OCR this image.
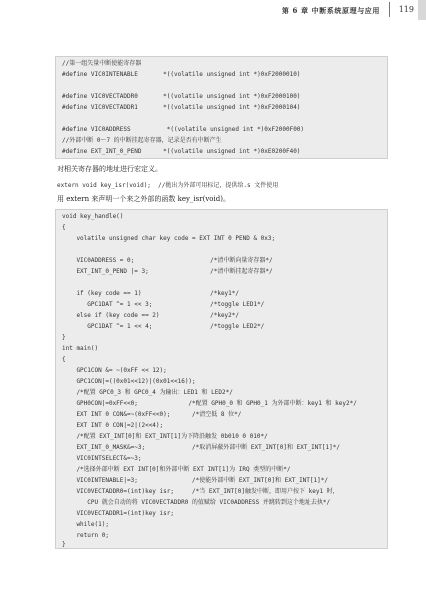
第 6 章 中断系统原理与应用 119
//第一组矢量中断使能寄存器
#define VIC0INTENABLE       *((volatile unsigned int *)0xF2000010)
#define VIC0VECTADDR0       *((volatile unsigned int *)0xF2000100)
#define VIC0VECTADDR1       *((volatile unsigned int *)0xF2000104)
#define VIC0ADDRESS          *((volatile unsigned int *)0xF2000F00)
//外部中断 0～7 的中断挂起寄存器，记录是否有中断产生
#define EXT_INT_0_PEND      *((volatile unsigned int *)0xE0200F40)
对相关寄存器的地址进行宏定义。
extern void key_isr(void);  //拋出为外部可用标记，提供给.s 文件使用
用 extern 来声明一个来之外部的函数 key_isr(void)。
void key_handle()
{
volatile unsigned char key code = EXT INT 0 PEND & 0x3;
VIC0ADDRESS = 0;                     /*清中断向量寄存器*/
EXT_INT_0_PEND |= 3;                 /*清中断挂起寄存器*/
if (key code == 1)                   /*key1*/
GPC1DAT ^= 1 << 3;                /*toggle LED1*/
else if (key code == 2)              /*key2*/
GPC1DAT ^= 1 << 4;                /*toggle LED2*/
}
int main()
{
GPC1CON &= ~(0xFF << 12);
GPC1CON|=((0x01<<12)|(0x01<<16));
/*配置 GPC0_3 和 GPC0_4 为输出：LED1 和 LED2*/
GPH0CON|=0xFF<<0;              /*配置 GPH0_0 和 GPH0_1 为外部中断：key1 和 key2*/
EXT INT 0 CON&=~(0xFF<<0);      /*清空低 8 位*/
EXT INT 0 CON|=2|(2<<4);
/*配置 EXT_INT[0]和 EXT_INT[1]为下降沿触发 0b010 0 010*/
EXT_INT_0_MASK&=~3;             /*取消屏蔽外部中断 EXT_INT[0]和 EXT_INT[1]*/
VIC0INTSELECT&=~3;
/*选择外部中断 EXT INT[0]和外部中断 EXT INT[1]为 IRQ 类型的中断*/
VIC0INTENABLE|=3;               /*使能外部中断 EXT_INT[0]和 EXT_INT[1]*/
VIC0VECTADDR0=(int)key isr;     /*当 EXT_INT[0]触发中断，即用户按下 key1 时，
CPU 就会自动的将 VIC0VECTADDR0 的值赋给 VIC0ADDRESS 并跳转到这个地址去执*/
VIC0VECTADDR1=(int)key isr;
while(1);
return 0;
}
